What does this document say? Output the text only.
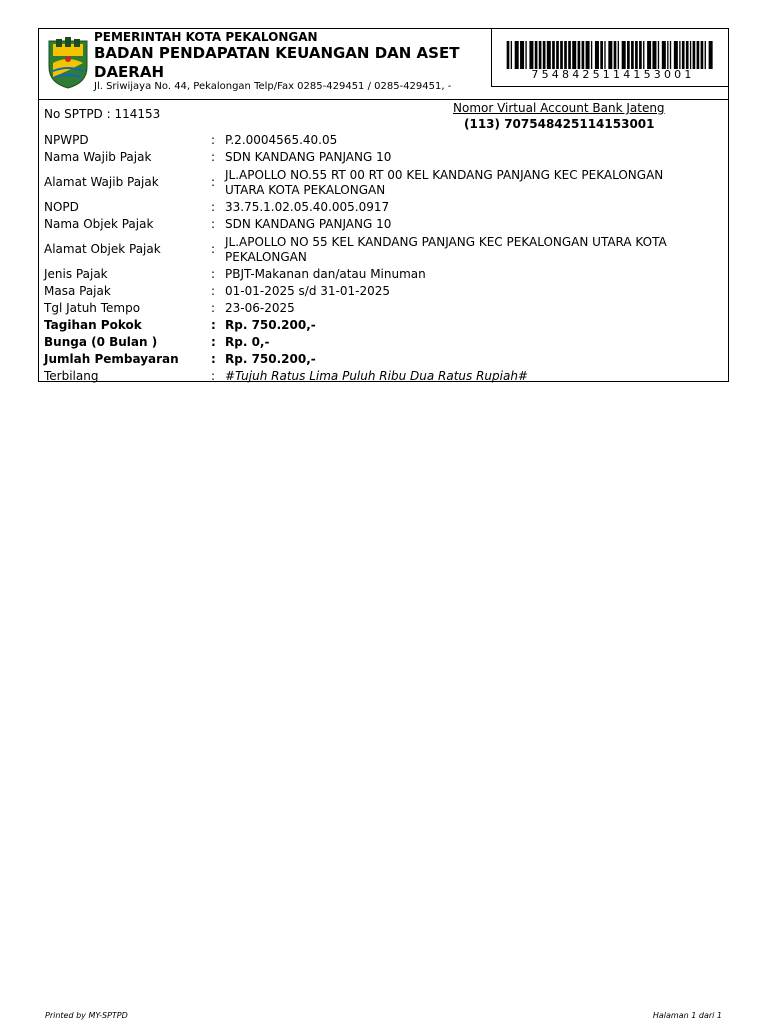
PEMERINTAH KOTA PEKALONGAN
BADAN PENDAPATAN KEUANGAN DAN ASET DAERAH
Jl. Sriwijaya No. 44, Pekalongan Telp/Fax 0285-429451 / 0285-429451, -
7548425114153001
No SPTPD : 114153	Nomor Virtual Account Bank Jateng
(113) 707548425114153001
NPWPD	: P.2.0004565.40.05
Nama Wajib Pajak	: SDN KANDANG PANJANG 10
Alamat Wajib Pajak	:
JL.APOLLO NO.55 RT 00 RT 00 KEL KANDANG PANJANG KEC PEKALONGAN UTARA KOTA PEKALONGAN
NOPD	: 33.75.1.02.05.40.005.0917
Nama Objek Pajak	: SDN KANDANG PANJANG 10
Alamat Objek Pajak	:
JL.APOLLO NO 55 KEL KANDANG PANJANG KEC PEKALONGAN UTARA KOTA PEKALONGAN
Jenis Pajak	: PBJT-Makanan dan/atau Minuman
Masa Pajak	: 01-01-2025 s/d 31-01-2025
Tgl Jatuh Tempo	: 23-06-2025
Tagihan Pokok	: Rp. 750.200,-
Bunga (0 Bulan )	: Rp. 0,-
Jumlah Pembayaran	: Rp. 750.200,-
Terbilang	: #Tujuh Ratus Lima Puluh Ribu Dua Ratus Rupiah#
Printed by MY-SPTPD	Halaman 1 dari 1
